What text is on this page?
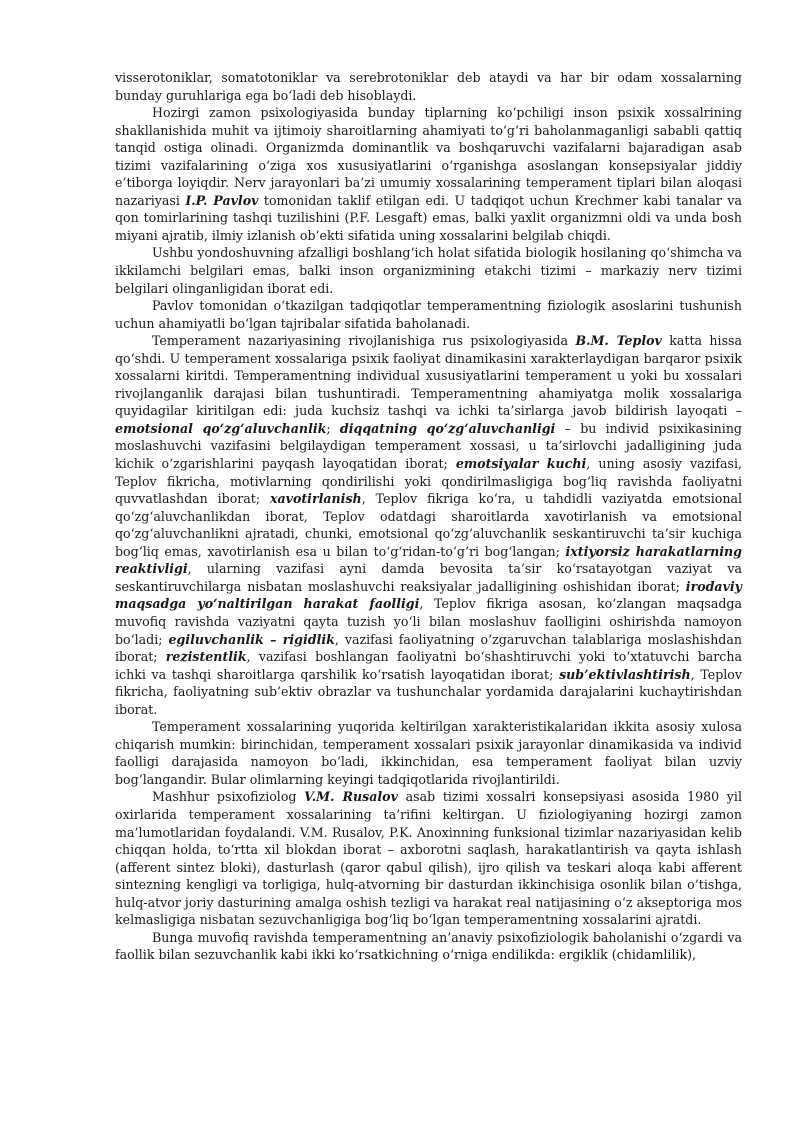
visserotoniklar, somatotoniklar va serebrotoniklar deb ataydi va har bir odam xossalarning bunday guruhlariga ega bo‘ladi deb hisoblaydi.

Hozirgi zamon psixologiyasida bunday tiplarning ko‘pchiligi inson psixik xossalrining shakllanishida muhit va ijtimoiy sharoitlarning ahamiyati to‘g‘ri baholanmaganligi sababli qattiq tanqid ostiga olinadi. Organizmda dominantlik va boshqaruvchi vazifalarni bajaradigan asab tizimi vazifalarining o‘ziga xos xususiyatlarini o‘rganishga asoslangan konsepsiyalar jiddiy e’tiborga loyiqdir. Nerv jarayonlari ba’zi umumiy xossalarining temperament tiplari bilan aloqasi nazariyasi I.P. Pavlov tomonidan taklif etilgan edi. U tadqiqot uchun Krechmer kabi tanalar va qon tomirlarining tashqi tuzilishini (P.F. Lesgaft) emas, balki yaxlit organizmni oldi va unda bosh miyani ajratib, ilmiy izlanish ob’ekti sifatida uning xossalarini belgilab chiqdi.

Ushbu yondoshuvning afzalligi boshlang‘ich holat sifatida biologik hosilaning qo‘shimcha va ikkilamchi belgilari emas, balki inson organizmining etakchi tizimi – markaziy nerv tizimi belgilari olinganligidan iborat edi.

Pavlov tomonidan o‘tkazilgan tadqiqotlar temperamentning fiziologik asoslarini tushunish uchun ahamiyatli bo‘lgan tajribalar sifatida baholanadi.

Temperament nazariyasining rivojlanishiga rus psixologiyasida B.M. Teplov katta hissa qo‘shdi. U temperament xossalariga psixik faoliyat dinamikasini xarakterlaydigan barqaror psixik xossalarni kiritdi. Temperamentning individual xususiyatlarini temperament u yoki bu xossalari rivojlanganlik darajasi bilan tushuntiradi. Temperamentning ahamiyatga molik xossalariga quyidagilar kiritilgan edi: juda kuchsiz tashqi va ichki ta’sirlarga javob bildirish layoqati – emotsional qo‘zg‘aluvchanlik; diqqatning qo‘zg‘aluvchanligi – bu individ psixikasining moslashuvchi vazifasini belgilaydigan temperament xossasi, u ta’sirlovchi jadalligining juda kichik o‘zgarishlarini payqash layoqatidan iborat; emotsiyalar kuchi, uning asosiy vazifasi, Teplov fikricha, motivlarning qondirilishi yoki qondirilmasligiga bog‘liq ravishda faoliyatni quvvatlashdan iborat; xavotirlanish, Teplov fikriga ko‘ra, u tahdidli vaziyatda emotsional qo‘zg‘aluvchanlikdan iborat, Teplov odatdagi sharoitlarda xavotirlanish va emotsional qo‘zg‘aluvchanlikni ajratadi, chunki, emotsional qo‘zg‘aluvchanlik seskantiruvchi ta’sir kuchiga bog‘liq emas, xavotirlanish esa u bilan to‘g‘ridan-to‘g‘ri bog‘langan; ixtiyorsiz harakatlarning reaktivligi, ularning vazifasi ayni damda bevosita ta’sir ko‘rsatayotgan vaziyat va seskantiruvchilarga nisbatan moslashuvchi reaksiyalar jadalligining oshishidan iborat; irodaviy maqsadga yo‘naltirilgan harakat faolligi, Teplov fikriga asosan, ko‘zlangan maqsadga muvofiq ravishda vaziyatni qayta tuzish yo‘li bilan moslashuv faolligini oshirishda namoyon bo‘ladi; egiluvchanlik – rigidlik, vazifasi faoliyatning o‘zgaruvchan talablariga moslashishdan iborat; rezistentlik, vazifasi boshlangan faoliyatni bo‘shashtiruvchi yoki to‘xtatuvchi barcha ichki va tashqi sharoitlarga qarshilik ko‘rsatish layoqatidan iborat; sub’ektivlashtirish, Teplov fikricha, faoliyatning sub’ektiv obrazlar va tushunchalar yordamida darajalarini kuchaytirishdan iborat.

Temperament xossalarining yuqorida keltirilgan xarakteristikalaridan ikkita asosiy xulosa chiqarish mumkin: birinchidan, temperament xossalari psixik jarayonlar dinamikasida va individ faolligi darajasida namoyon bo‘ladi, ikkinchidan, esa temperament faoliyat bilan uzviy bog‘langandir. Bular olimlarning keyingi tadqiqotlarida rivojlantirildi.

Mashhur psixofiziolog V.M. Rusalov asab tizimi xossalri konsepsiyasi asosida 1980 yil oxirlarida temperament xossalarining ta’rifini keltirgan. U fiziologiyaning hozirgi zamon ma’lumotlaridan foydalandi. V.M. Rusalov, P.K. Anoxinning funksional tizimlar nazariyasidan kelib chiqqan holda, to‘rtta xil blokdan iborat – axborotni saqlash, harakatlantirish va qayta ishlash (afferent sintez bloki), dasturlash (qaror qabul qilish), ijro qilish va teskari aloqa kabi afferent sintezning kengligi va torligiga, hulq-atvorning bir dasturdan ikkinchisiga osonlik bilan o‘tishga, hulq-atvor joriy dasturining amalga oshish tezligi va harakat real natijasining o‘z akseptoriga mos kelmasligiga nisbatan sezuvchanligiga bog‘liq bo‘lgan temperamentning xossalarini ajratdi.

Bunga muvofiq ravishda temperamentning an’anaviy psixofiziologik baholanishi o‘zgardi va faollik bilan sezuvchanlik kabi ikki ko‘rsatkichning o‘rniga endilikda: ergiklik (chidamlilik),
